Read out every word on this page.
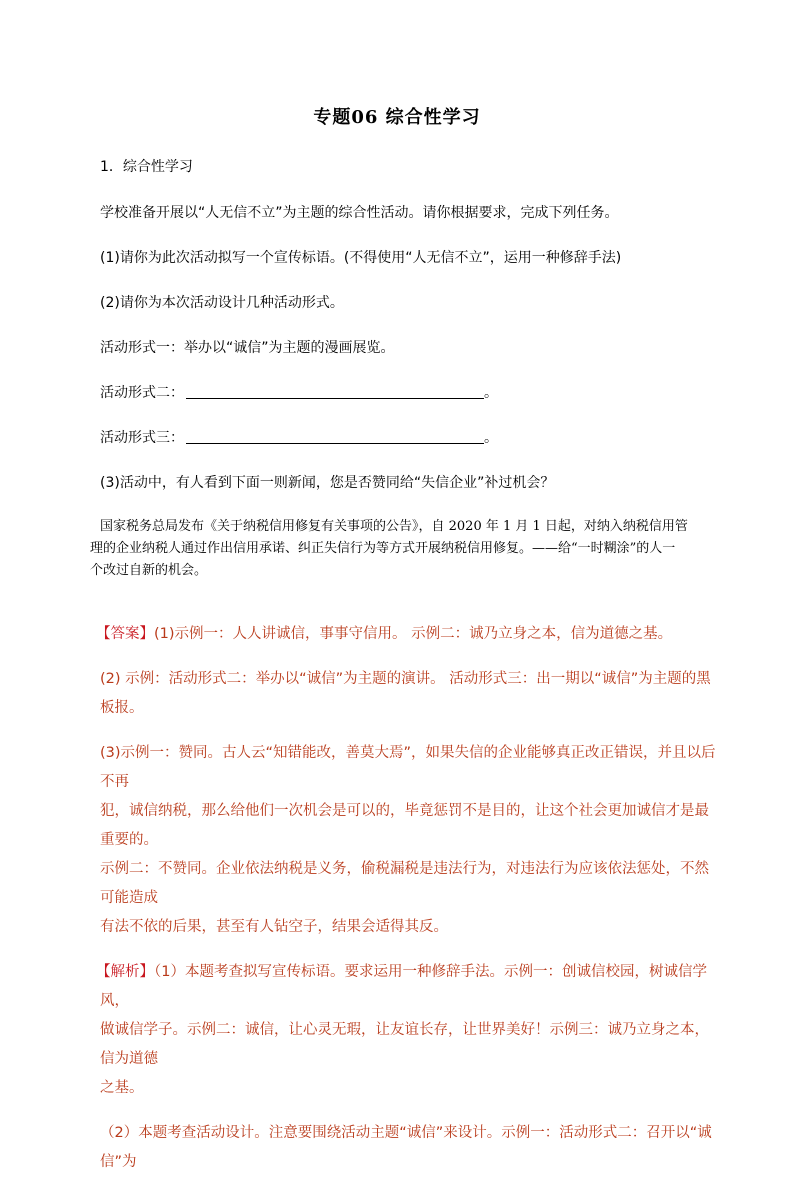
专题06 综合性学习
1．综合性学习
学校准备开展以“人无信不立”为主题的综合性活动。请你根据要求，完成下列任务。
(1)请你为此次活动拟写一个宣传标语。(不得使用“人无信不立”，运用一种修辞手法)
(2)请你为本次活动设计几种活动形式。
活动形式一：举办以“诚信”为主题的漫画展览。
活动形式二：	。
活动形式三：	。
(3)活动中，有人看到下面一则新闻，您是否赞同给“失信企业”补过机会？

国家税务总局发布《关于纳税信用修复有关事项的公告》，自 2020 年 1 月 1 日起，对纳入纳税信用管

理的企业纳税人通过作出信用承诺、纠正失信行为等方式开展纳税信用修复。——给“一时糊涂”的人一

个改过自新的机会。

【答案】(1)示例一：人人讲诚信，事事守信用。 示例二：诚乃立身之本，信为道德之基。

(2) 示例：活动形式二：举办以“诚信”为主题的演讲。 活动形式三：出一期以“诚信”为主题的黑

板报。

(3)示例一：赞同。古人云“知错能改，善莫大焉”，如果失信的企业能够真正改正错误，并且以后不再

犯，诚信纳税，那么给他们一次机会是可以的，毕竟惩罚不是目的，让这个社会更加诚信才是最重要的。

示例二：不赞同。企业依法纳税是义务，偷税漏税是违法行为，对违法行为应该依法惩处，不然可能造成

有法不依的后果，甚至有人钻空子，结果会适得其反。

【解析】（1）本题考查拟写宣传标语。要求运用一种修辞手法。示例一：创诚信校园，树诚信学风，

做诚信学子。示例二：诚信，让心灵无瑕，让友谊长存，让世界美好！示例三：诚乃立身之本，信为道德

之基。

（2）本题考查活动设计。注意要围绕活动主题“诚信”来设计。示例一：活动形式二：召开以“诚信”为
